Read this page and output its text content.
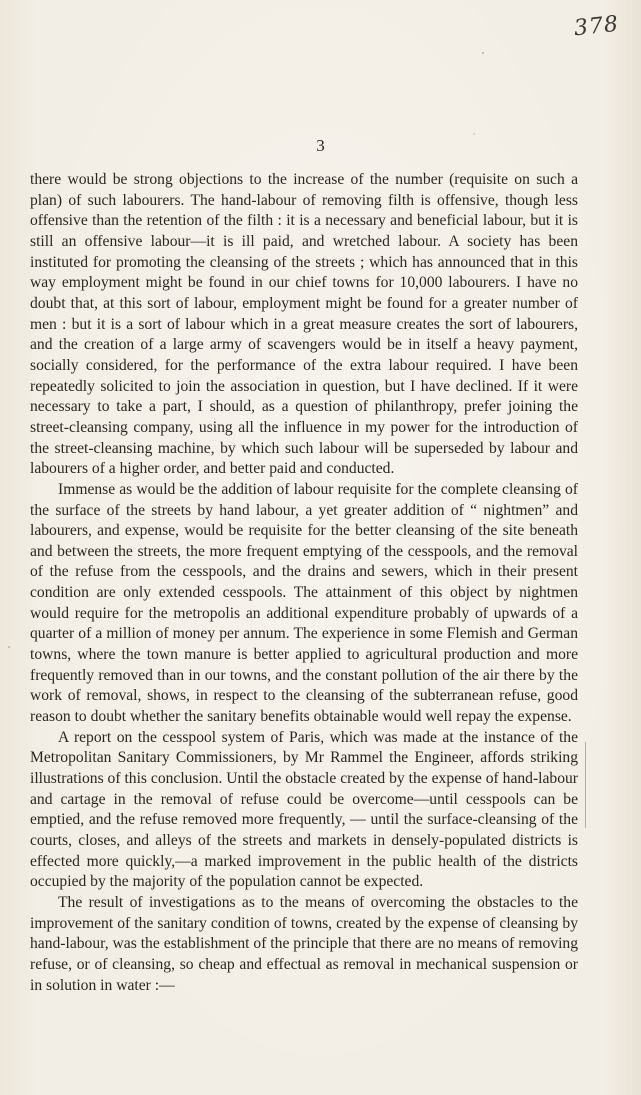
378
3

there would be strong objections to the increase of the number (requisite on such a plan) of such labourers. The hand-labour of removing filth is offensive, though less offensive than the retention of the filth : it is a necessary and beneficial labour, but it is still an offensive labour—it is ill paid, and wretched labour. A society has been instituted for promoting the cleansing of the streets ; which has announced that in this way employment might be found in our chief towns for 10,000 labourers. I have no doubt that, at this sort of labour, employment might be found for a greater number of men : but it is a sort of labour which in a great measure creates the sort of labourers, and the creation of a large army of scavengers would be in itself a heavy payment, socially considered, for the performance of the extra labour required. I have been repeatedly solicited to join the association in question, but I have declined. If it were necessary to take a part, I should, as a question of philanthropy, prefer joining the street-cleansing company, using all the influence in my power for the introduction of the street-cleansing machine, by which such labour will be superseded by labour and labourers of a higher order, and better paid and conducted.

Immense as would be the addition of labour requisite for the complete cleansing of the surface of the streets by hand labour, a yet greater addition of “ nightmen” and labourers, and expense, would be requisite for the better cleansing of the site beneath and between the streets, the more frequent emptying of the cesspools, and the removal of the refuse from the cesspools, and the drains and sewers, which in their present condition are only extended cesspools. The attainment of this object by nightmen would require for the metropolis an additional expenditure probably of upwards of a quarter of a million of money per annum. The experience in some Flemish and German towns, where the town manure is better applied to agricultural production and more frequently removed than in our towns, and the constant pollution of the air there by the work of removal, shows, in respect to the cleansing of the subterranean refuse, good reason to doubt whether the sanitary benefits obtainable would well repay the expense.

A report on the cesspool system of Paris, which was made at the instance of the Metropolitan Sanitary Commissioners, by Mr Rammel the Engineer, affords striking illustrations of this conclusion. Until the obstacle created by the expense of hand-labour and cartage in the removal of refuse could be overcome—until cesspools can be emptied, and the refuse removed more frequently, — until the surface-cleansing of the courts, closes, and alleys of the streets and markets in densely-populated districts is effected more quickly,—a marked improvement in the public health of the districts occupied by the majority of the population cannot be expected.

The result of investigations as to the means of overcoming the obstacles to the improvement of the sanitary condition of towns, created by the expense of cleansing by hand-labour, was the establishment of the principle that there are no means of removing refuse, or of cleansing, so cheap and effectual as removal in mechanical suspension or in solution in water :—
